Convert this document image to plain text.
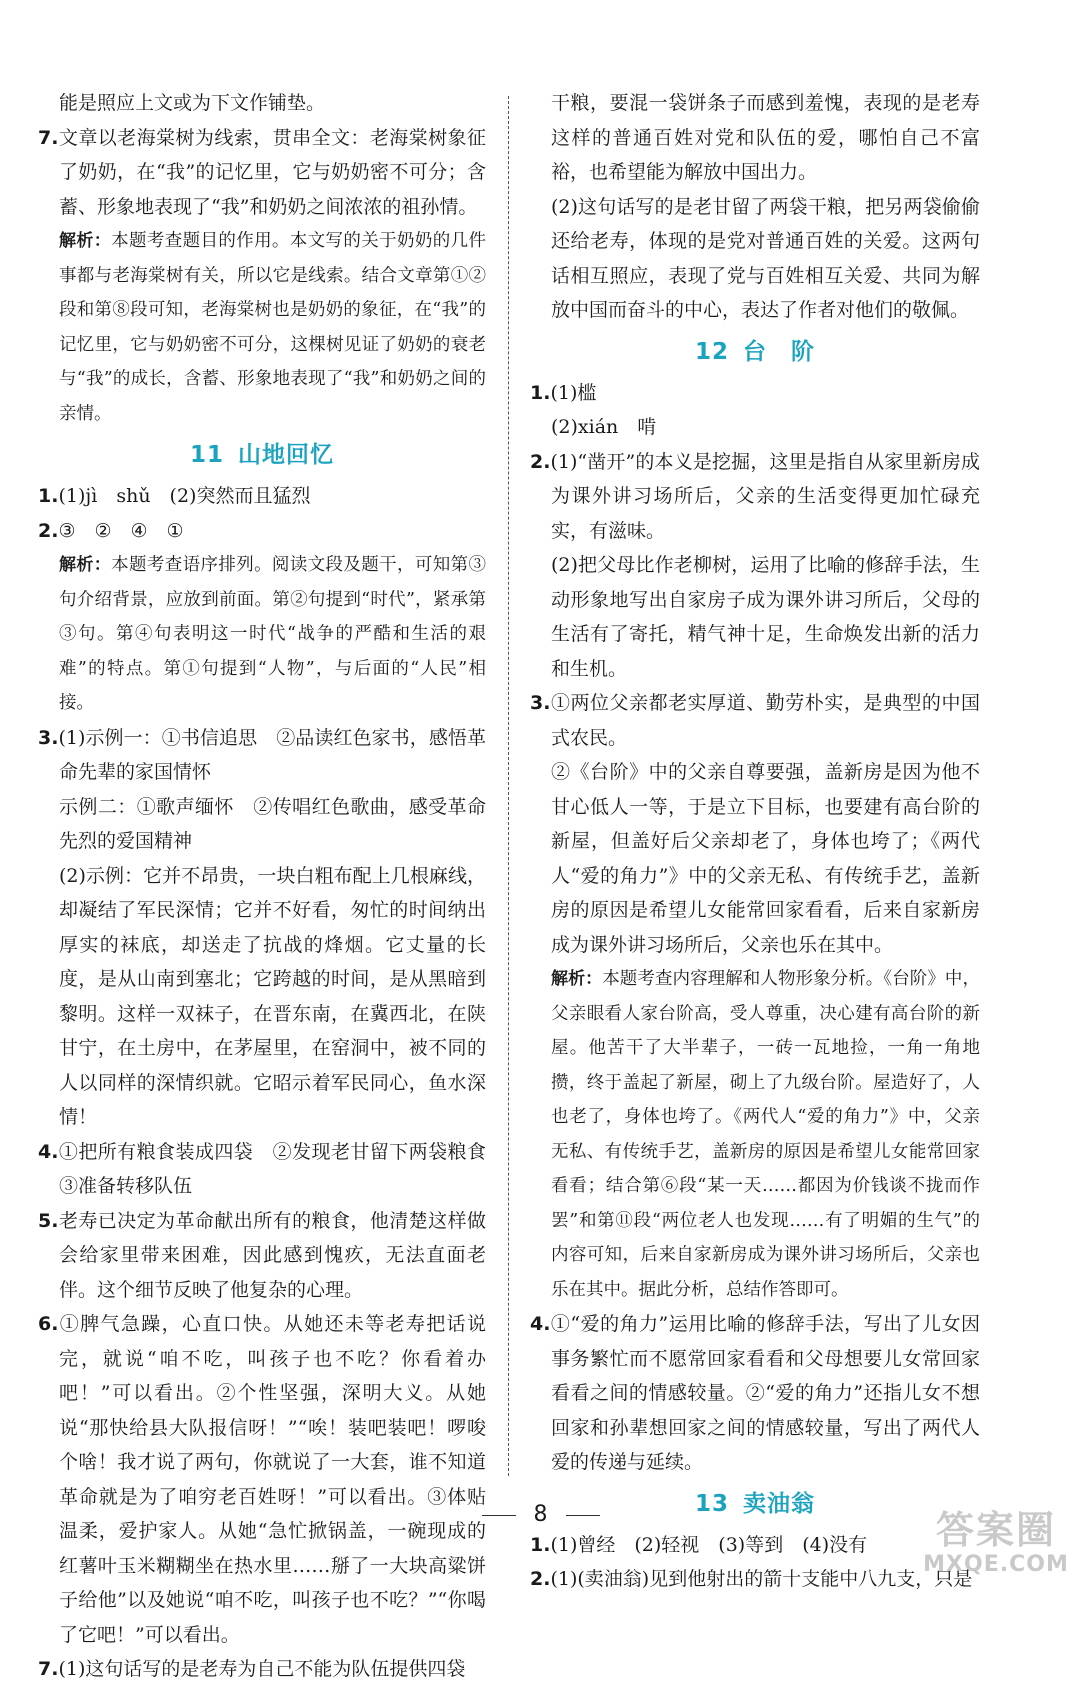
能是照应上文或为下文作铺垫。

7.文章以老海棠树为线索，贯串全文：老海棠树象征了奶奶，在“我”的记忆里，它与奶奶密不可分；含蓄、形象地表现了“我”和奶奶之间浓浓的祖孙情。

解析：本题考查题目的作用。本文写的关于奶奶的几件事都与老海棠树有关，所以它是线索。结合文章第①②段和第⑧段可知，老海棠树也是奶奶的象征，在“我”的记忆里，它与奶奶密不可分，这棵树见证了奶奶的衰老与“我”的成长，含蓄、形象地表现了“我”和奶奶之间的亲情。

11 山地回忆

1.(1)jì　shǔ　(2)突然而且猛烈

2.③　②　④　①

解析：本题考查语序排列。阅读文段及题干，可知第③句介绍背景，应放到前面。第②句提到“时代”，紧承第③句。第④句表明这一时代“战争的严酷和生活的艰难”的特点。第①句提到“人物”，与后面的“人民”相接。

3.(1)示例一：①书信追思　②品读红色家书，感悟革命先辈的家国情怀

示例二：①歌声缅怀　②传唱红色歌曲，感受革命先烈的爱国精神

(2)示例：它并不昂贵，一块白粗布配上几根麻线，却凝结了军民深情；它并不好看，匆忙的时间纳出厚实的袜底，却送走了抗战的烽烟。它丈量的长度，是从山南到塞北；它跨越的时间，是从黑暗到黎明。这样一双袜子，在晋东南，在冀西北，在陕甘宁，在土房中，在茅屋里，在窑洞中，被不同的人以同样的深情织就。它昭示着军民同心，鱼水深情！

4.①把所有粮食装成四袋　②发现老甘留下两袋粮食　③准备转移队伍

5.老寿已决定为革命献出所有的粮食，他清楚这样做会给家里带来困难，因此感到愧疚，无法直面老伴。这个细节反映了他复杂的心理。

6.①脾气急躁，心直口快。从她还未等老寿把话说完，就说“咱不吃，叫孩子也不吃？你看着办吧！”可以看出。②个性坚强，深明大义。从她说“那快给县大队报信呀！”“唉！装吧装吧！啰唆个啥！我才说了两句，你就说了一大套，谁不知道革命就是为了咱穷老百姓呀！”可以看出。③体贴温柔，爱护家人。从她“急忙掀锅盖，一碗现成的红薯叶玉米糊糊坐在热水里……掰了一大块高粱饼子给他”以及她说“咱不吃，叫孩子也不吃？”“你喝了它吧！”可以看出。

7.(1)这句话写的是老寿为自己不能为队伍提供四袋

干粮，要混一袋饼条子而感到羞愧，表现的是老寿这样的普通百姓对党和队伍的爱，哪怕自己不富裕，也希望能为解放中国出力。

(2)这句话写的是老甘留了两袋干粮，把另两袋偷偷还给老寿，体现的是党对普通百姓的关爱。这两句话相互照应，表现了党与百姓相互关爱、共同为解放中国而奋斗的中心，表达了作者对他们的敬佩。

12 台　阶

1.(1)槛

(2)xián　啃

2.(1)“凿开”的本义是挖掘，这里是指自从家里新房成为课外讲习场所后，父亲的生活变得更加忙碌充实，有滋味。

(2)把父母比作老柳树，运用了比喻的修辞手法，生动形象地写出自家房子成为课外讲习所后，父母的生活有了寄托，精气神十足，生命焕发出新的活力和生机。

3.①两位父亲都老实厚道、勤劳朴实，是典型的中国式农民。

②《台阶》中的父亲自尊要强，盖新房是因为他不甘心低人一等，于是立下目标，也要建有高台阶的新屋，但盖好后父亲却老了，身体也垮了；《两代人“爱的角力”》中的父亲无私、有传统手艺，盖新房的原因是希望儿女能常回家看看，后来自家新房成为课外讲习场所后，父亲也乐在其中。

解析：本题考查内容理解和人物形象分析。《台阶》中，父亲眼看人家台阶高，受人尊重，决心建有高台阶的新屋。他苦干了大半辈子，一砖一瓦地捡，一角一角地攒，终于盖起了新屋，砌上了九级台阶。屋造好了，人也老了，身体也垮了。《两代人“爱的角力”》中，父亲无私、有传统手艺，盖新房的原因是希望儿女能常回家看看；结合第⑥段“某一天……都因为价钱谈不拢而作罢”和第⑪段“两位老人也发现……有了明媚的生气”的内容可知，后来自家新房成为课外讲习场所后，父亲也乐在其中。据此分析，总结作答即可。

4.①“爱的角力”运用比喻的修辞手法，写出了儿女因事务繁忙而不愿常回家看看和父母想要儿女常回家看看之间的情感较量。②“爱的角力”还指儿女不想回家和孙辈想回家之间的情感较量，写出了两代人爱的传递与延续。

13 卖油翁

1.(1)曾经　(2)轻视　(3)等到　(4)没有

2.(1)(卖油翁)见到他射出的箭十支能中八九支，只是

8	答案圈
MXQE.COM
